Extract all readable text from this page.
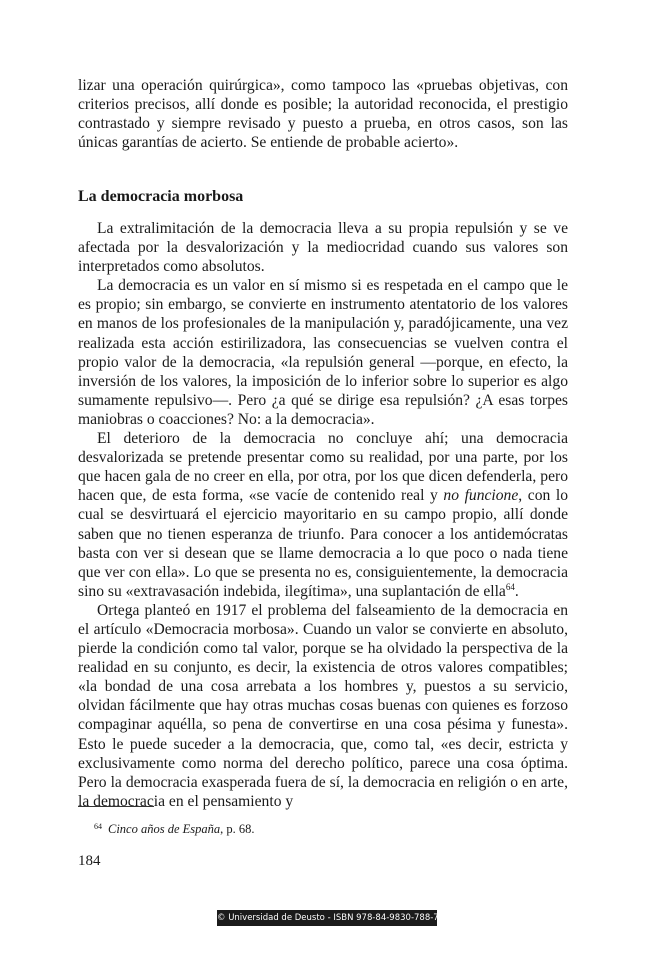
lizar una operación quirúrgica», como tampoco las «pruebas objetivas, con criterios precisos, allí donde es posible; la autoridad reconocida, el prestigio contrastado y siempre revisado y puesto a prueba, en otros casos, son las únicas garantías de acierto. Se entiende de probable acierto».

La democracia morbosa

La extralimitación de la democracia lleva a su propia repulsión y se ve afectada por la desvalorización y la mediocridad cuando sus valores son interpretados como absolutos.

La democracia es un valor en sí mismo si es respetada en el campo que le es propio; sin embargo, se convierte en instrumento atentatorio de los valores en manos de los profesionales de la manipulación y, paradójicamente, una vez realizada esta acción estirilizadora, las consecuencias se vuelven contra el propio valor de la democracia, «la repulsión general —porque, en efecto, la inversión de los valores, la imposición de lo inferior sobre lo superior es algo sumamente repulsivo—. Pero ¿a qué se dirige esa repulsión? ¿A esas torpes maniobras o coacciones? No: a la democracia».

El deterioro de la democracia no concluye ahí; una democracia desvalorizada se pretende presentar como su realidad, por una parte, por los que hacen gala de no creer en ella, por otra, por los que dicen defenderla, pero hacen que, de esta forma, «se vacíe de contenido real y no funcione, con lo cual se desvirtuará el ejercicio mayoritario en su campo propio, allí donde saben que no tienen esperanza de triunfo. Para conocer a los antidemócratas basta con ver si desean que se llame democracia a lo que poco o nada tiene que ver con ella». Lo que se presenta no es, consiguientemente, la democracia sino su «extravasación indebida, ilegítima», una suplantación de ella$^{64}$.

Ortega planteó en 1917 el problema del falseamiento de la democracia en el artículo «Democracia morbosa». Cuando un valor se convierte en absoluto, pierde la condición como tal valor, porque se ha olvidado la perspectiva de la realidad en su conjunto, es decir, la existencia de otros valores compatibles; «la bondad de una cosa arrebata a los hombres y, puestos a su servicio, olvidan fácilmente que hay otras muchas cosas buenas con quienes es forzoso compaginar aquélla, so pena de convertirse en una cosa pésima y funesta». Esto le puede suceder a la democracia, que, como tal, «es decir, estricta y exclusivamente como norma del derecho político, parece una cosa óptima. Pero la democracia exasperada fuera de sí, la democracia en religión o en arte, la democracia en el pensamiento y

$^{64}$ Cinco años de España, p. 68.
184
© Universidad de Deusto - ISBN 978-84-9830-788-7
